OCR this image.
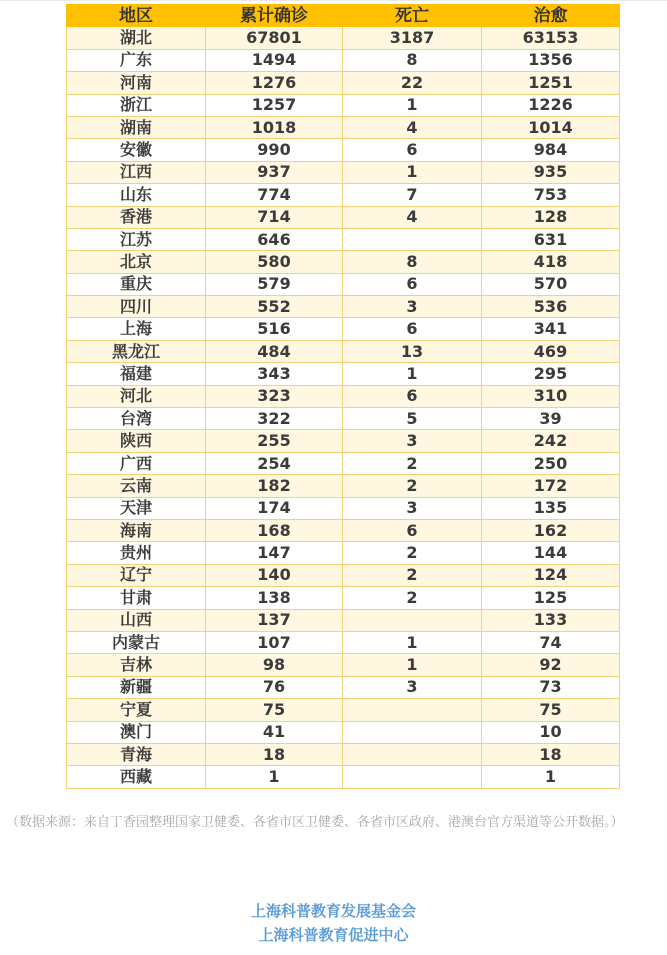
地区	累计确诊	死亡	治愈
湖北	67801	3187	63153
广东	1494	8	1356
河南	1276	22	1251
浙江	1257	1	1226
湖南	1018	4	1014
安徽	990	6	984
江西	937	1	935
山东	774	7	753
香港	714	4	128
江苏	646		631
北京	580	8	418
重庆	579	6	570
四川	552	3	536
上海	516	6	341
黑龙江	484	13	469
福建	343	1	295
河北	323	6	310
台湾	322	5	39
陕西	255	3	242
广西	254	2	250
云南	182	2	172
天津	174	3	135
海南	168	6	162
贵州	147	2	144
辽宁	140	2	124
甘肃	138	2	125
山西	137		133
内蒙古	107	1	74
吉林	98	1	92
新疆	76	3	73
宁夏	75		75
澳门	41		10
青海	18		18
西藏	1		1

（数据来源：来自丁香园整理国家卫健委、各省市区卫健委、各省市区政府、港澳台官方渠道等公开数据。）

上海科普教育发展基金会

上海科普教育促进中心
